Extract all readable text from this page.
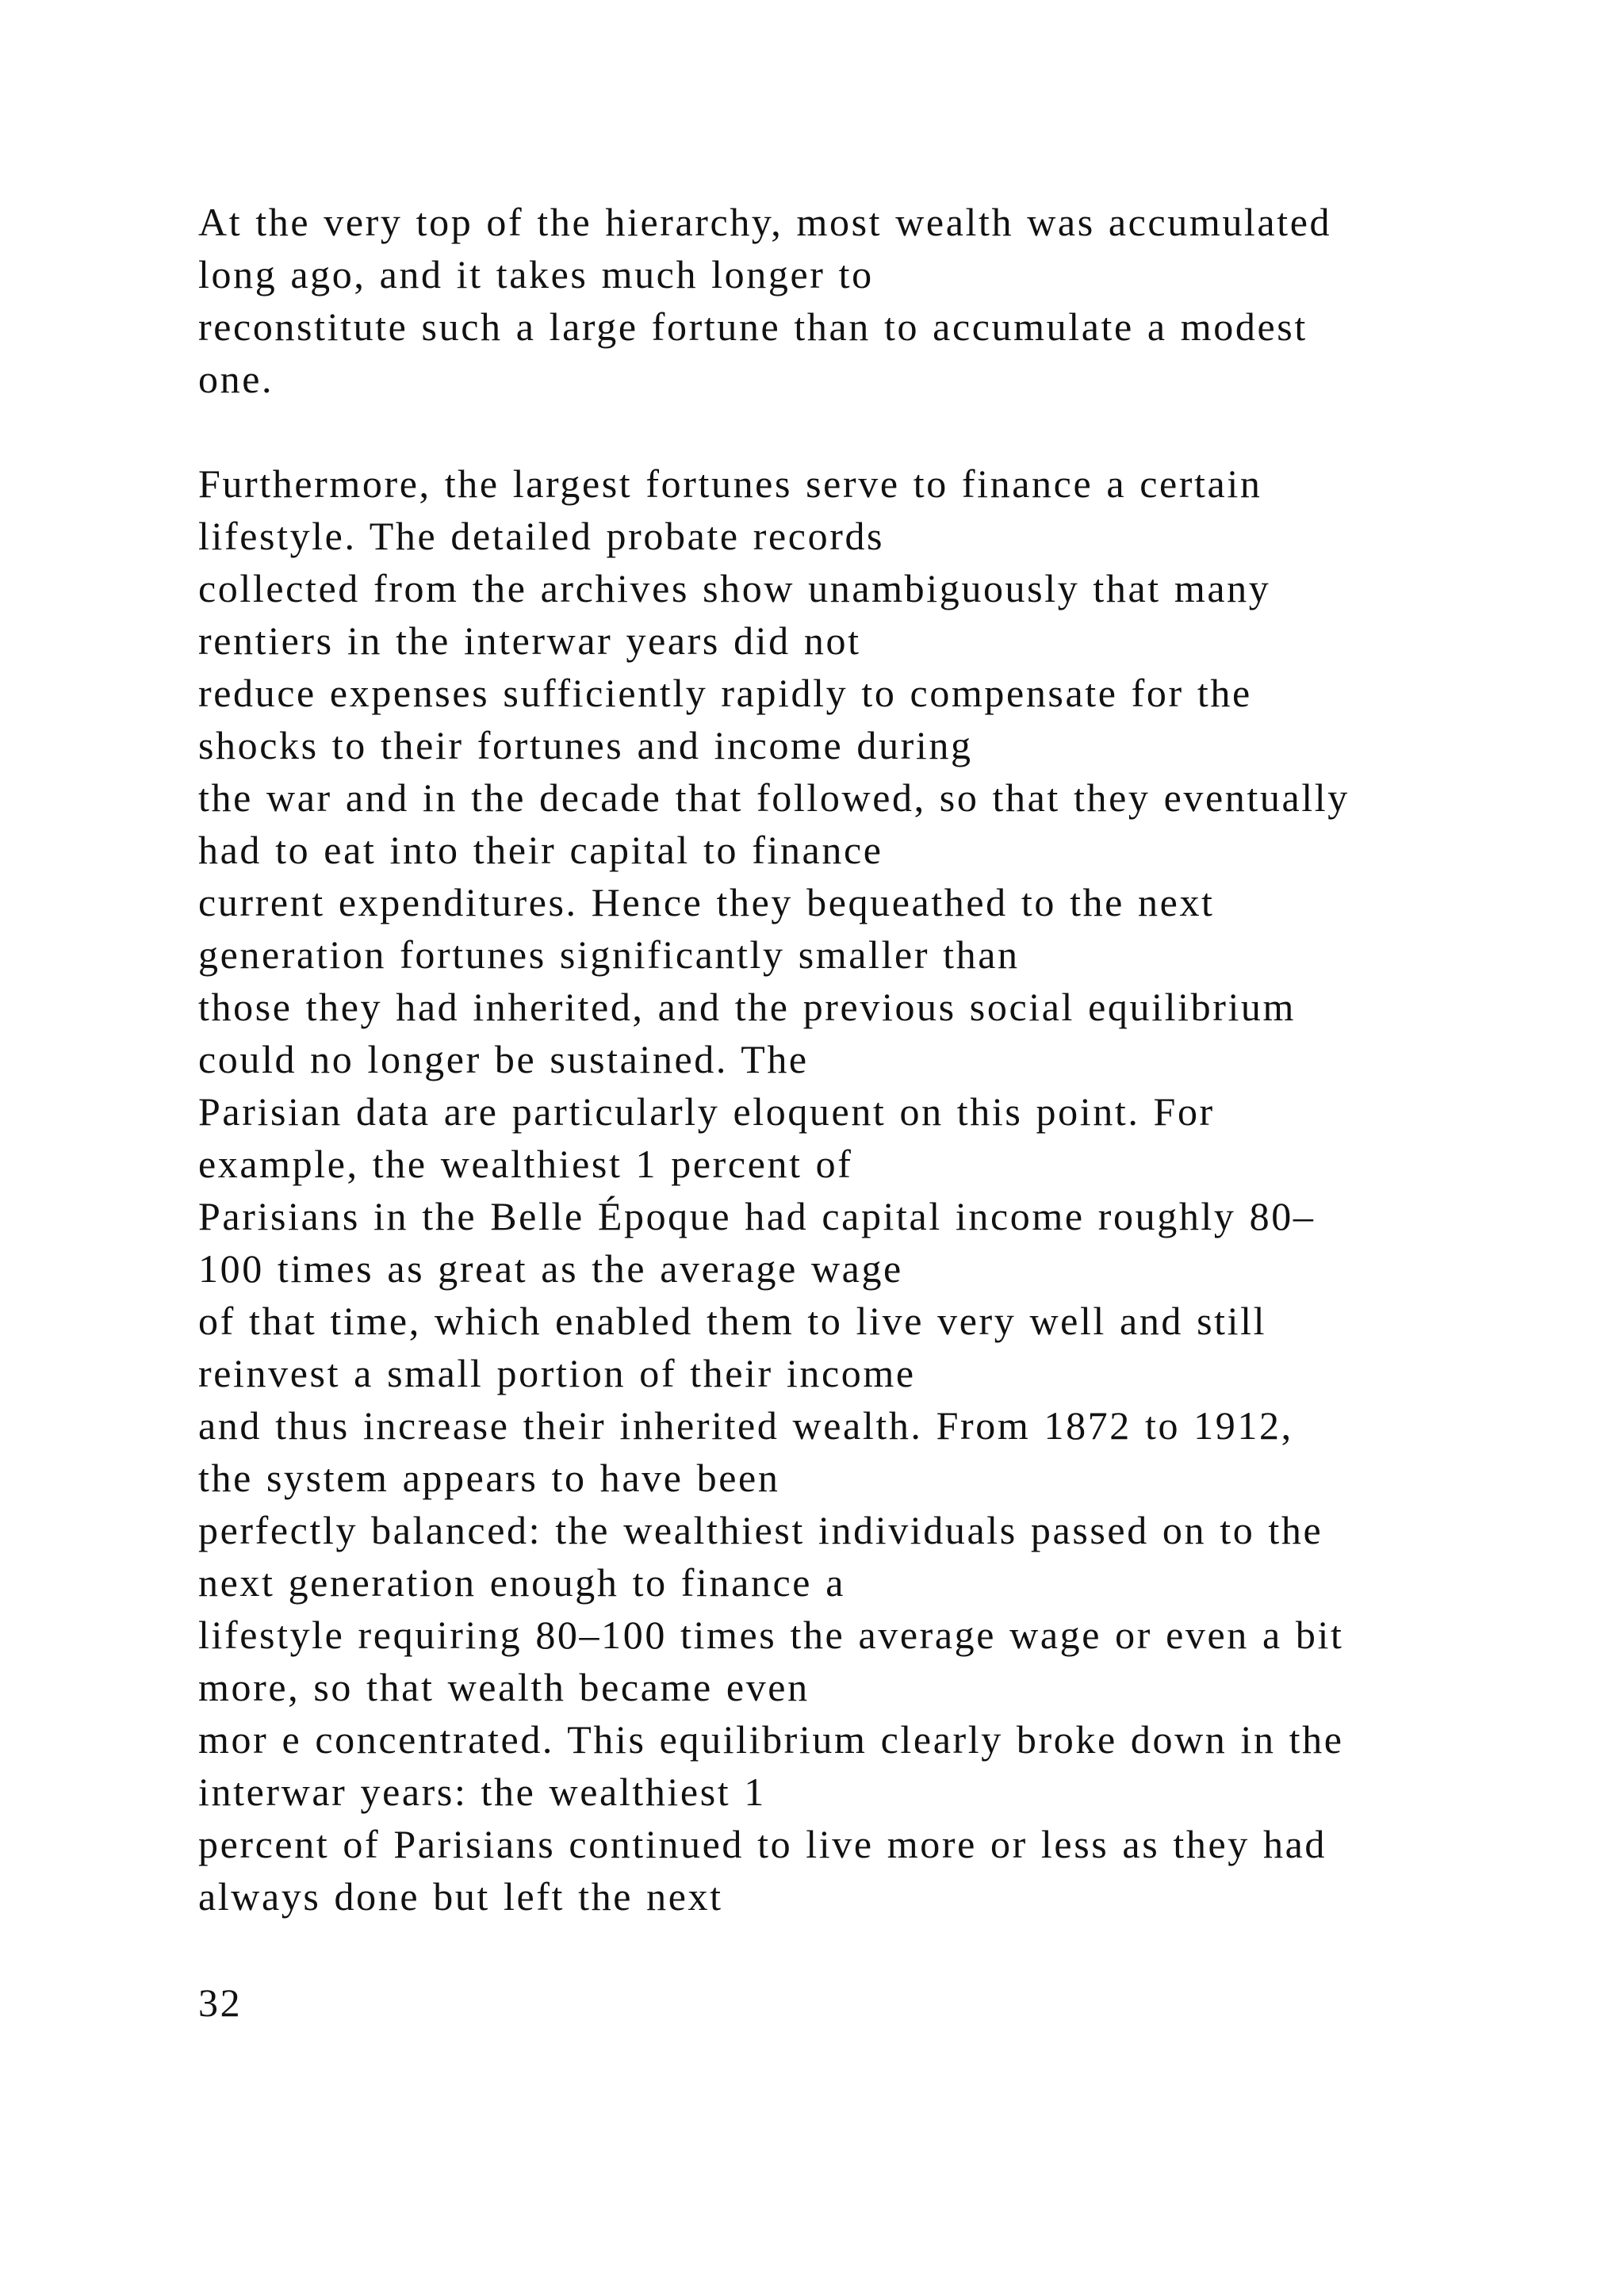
At the very top of the hierarchy, most wealth was accumulated
long ago, and it takes much longer to
reconstitute such a large fortune than to accumulate a modest
one.
Furthermore, the largest fortunes serve to finance a certain
lifestyle. The detailed probate records
collected from the archives show unambiguously that many
rentiers in the interwar years did not
reduce expenses sufficiently rapidly to compensate for the
shocks to their fortunes and income during
the war and in the decade that followed, so that they eventually
had to eat into their capital to finance
current expenditures. Hence they bequeathed to the next
generation fortunes significantly smaller than
those they had inherited, and the previous social equilibrium
could no longer be sustained. The
Parisian data are particularly eloquent on this point. For
example, the wealthiest 1 percent of
Parisians in the Belle Époque had capital income roughly 80–
100 times as great as the average wage
of that time, which enabled them to live very well and still
reinvest a small portion of their income
and thus increase their inherited wealth. From 1872 to 1912,
the system appears to have been
perfectly balanced: the wealthiest individuals passed on to the
next generation enough to finance a
lifestyle requiring 80–100 times the average wage or even a bit
more, so that wealth became even
mor e concentrated. This equilibrium clearly broke down in the
interwar years: the wealthiest 1
percent of Parisians continued to live more or less as they had
always done but left the next
32
